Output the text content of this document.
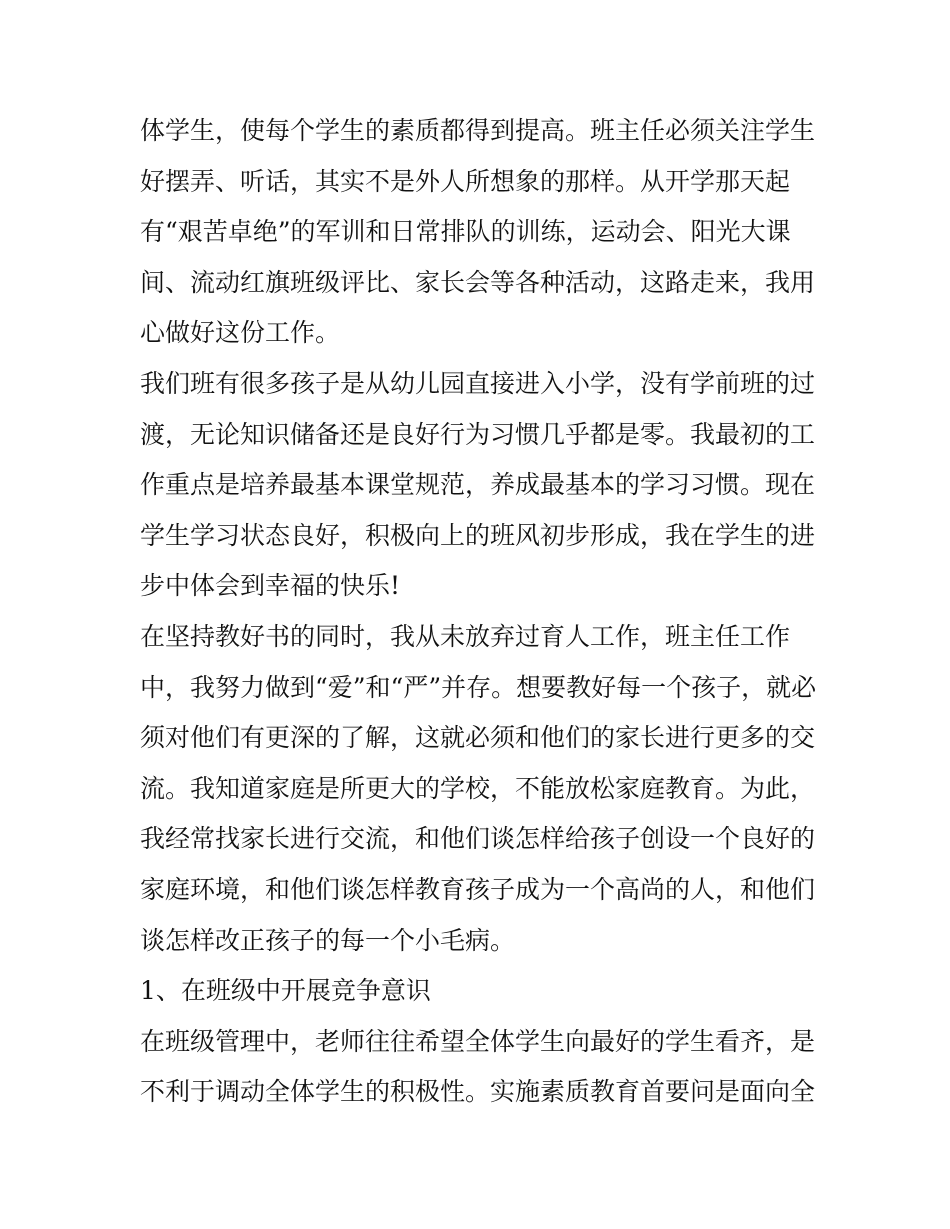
体学生，使每个学生的素质都得到提高。班主任必须关注学生
好摆弄、听话，其实不是外人所想象的那样。从开学那天起
有“艰苦卓绝”的军训和日常排队的训练，运动会、阳光大课
间、流动红旗班级评比、家长会等各种活动，这路走来，我用
心做好这份工作。
我们班有很多孩子是从幼儿园直接进入小学，没有学前班的过
渡，无论知识储备还是良好行为习惯几乎都是零。我最初的工
作重点是培养最基本课堂规范，养成最基本的学习习惯。现在
学生学习状态良好，积极向上的班风初步形成，我在学生的进
步中体会到幸福的快乐!
在坚持教好书的同时，我从未放弃过育人工作，班主任工作
中，我努力做到“爱”和“严”并存。想要教好每一个孩子，就必
须对他们有更深的了解，这就必须和他们的家长进行更多的交
流。我知道家庭是所更大的学校，不能放松家庭教育。为此，
我经常找家长进行交流，和他们谈怎样给孩子创设一个良好的
家庭环境，和他们谈怎样教育孩子成为一个高尚的人，和他们
谈怎样改正孩子的每一个小毛病。
1、在班级中开展竞争意识
在班级管理中，老师往往希望全体学生向最好的学生看齐，是
不利于调动全体学生的积极性。实施素质教育首要问是面向全
